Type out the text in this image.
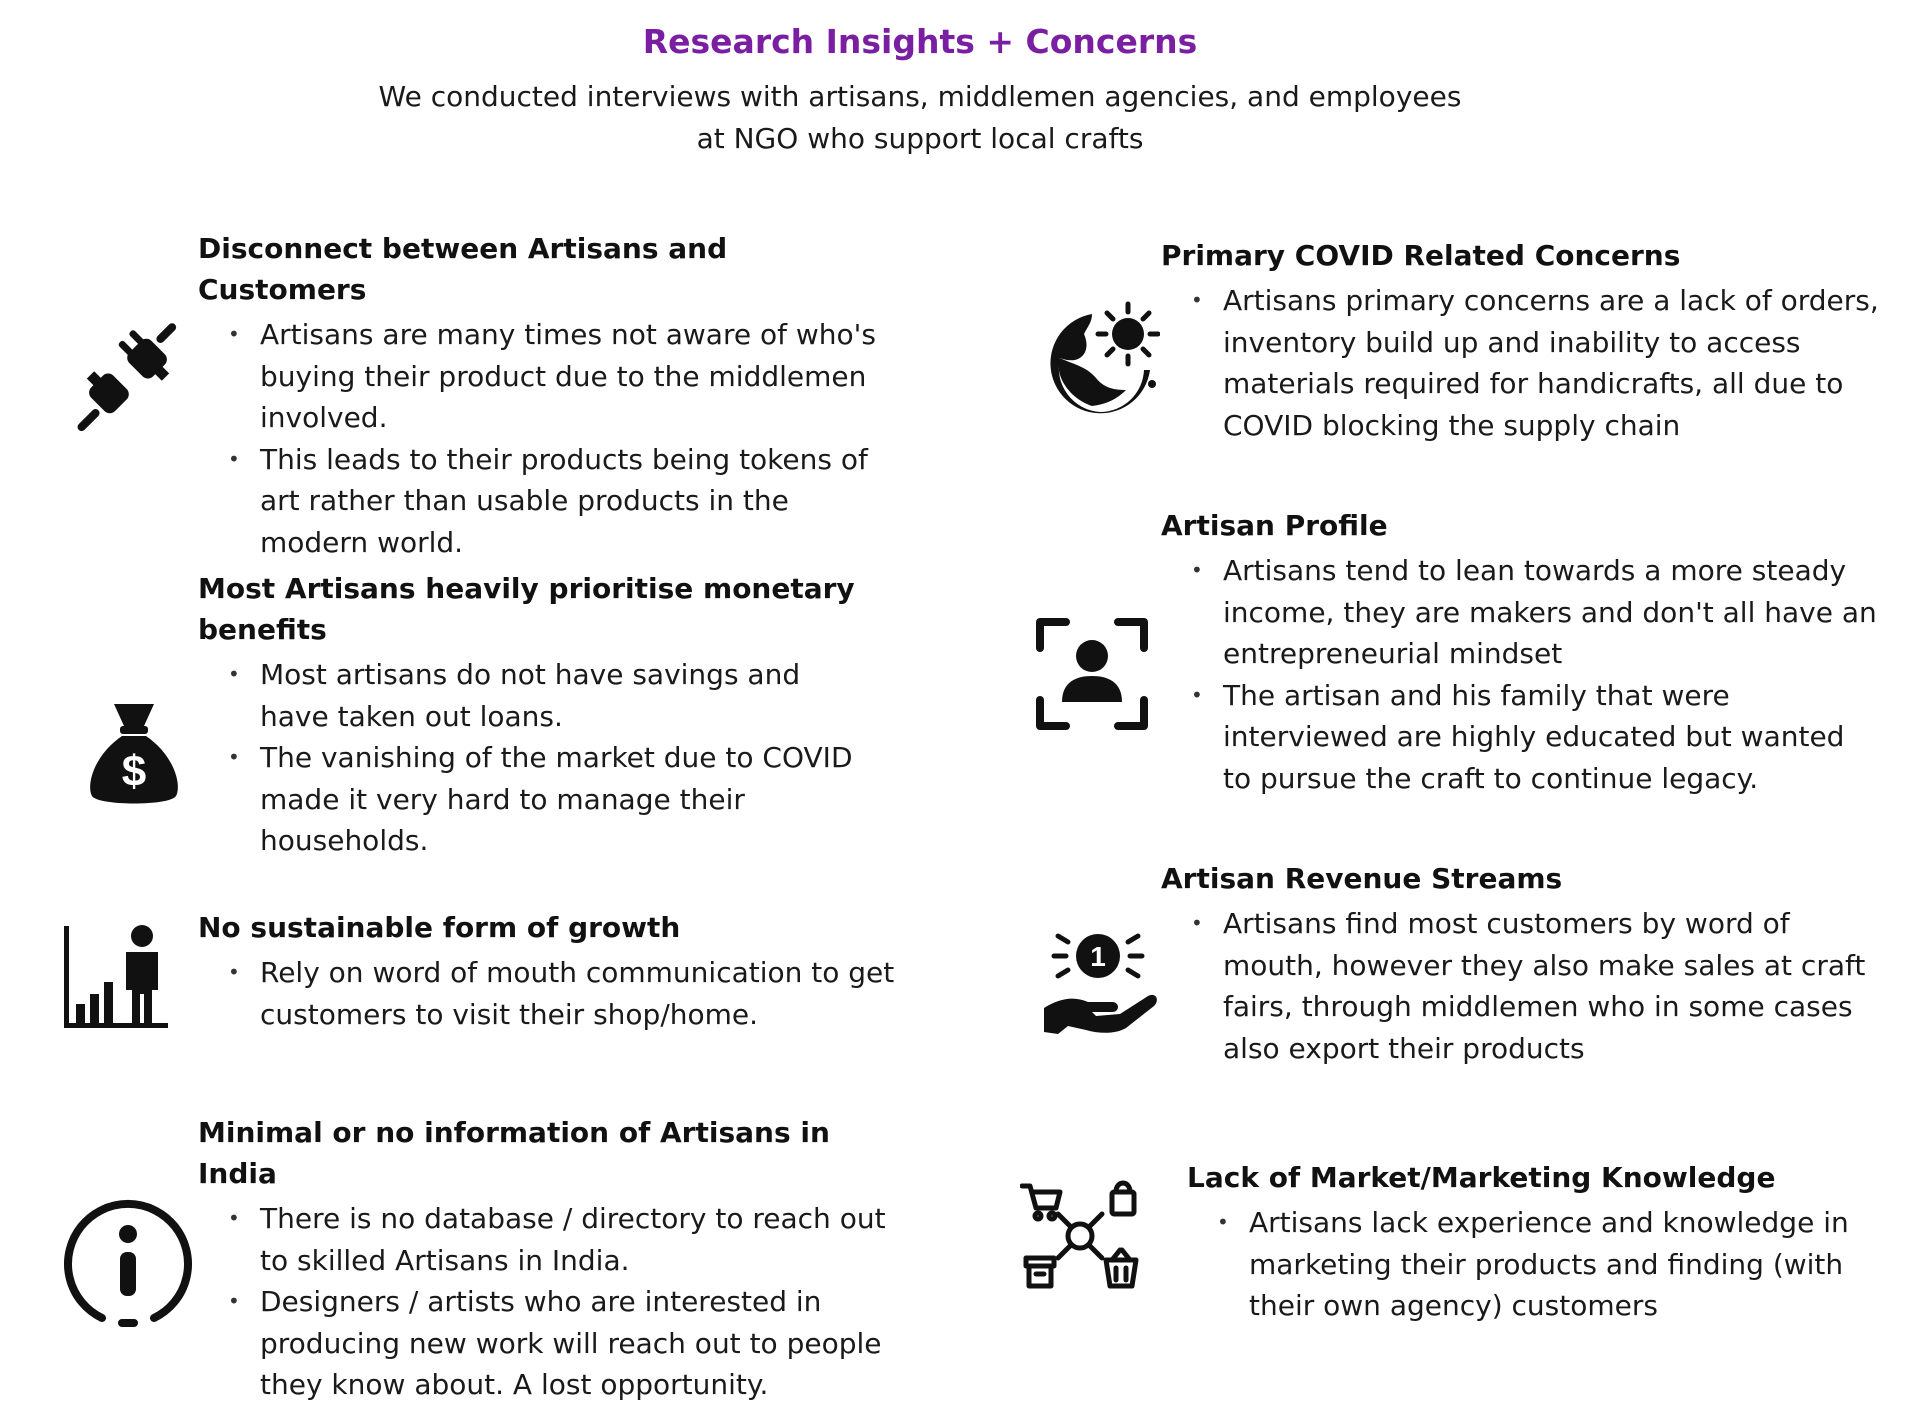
Research Insights + Concerns
We conducted interviews with artisans, middlemen agencies, and employees
at NGO who support local crafts
Disconnect between Artisans and Customers
• Artisans are many times not aware of who's buying their product due to the middlemen involved.
• This leads to their products being tokens of art rather than usable products in the modern world.
Most Artisans heavily prioritise monetary benefits
• Most artisans do not have savings and have taken out loans.
• The vanishing of the market due to COVID made it very hard to manage their households.
$
No sustainable form of growth
• Rely on word of mouth communication to get customers to visit their shop/home.
Minimal or no information of Artisans in India
• There is no database / directory to reach out to skilled Artisans in India.
• Designers / artists who are interested in producing new work will reach out to people they know about. A lost opportunity.
Primary COVID Related Concerns
• Artisans primary concerns are a lack of orders, inventory build up and inability to access materials required for handicrafts, all due to COVID blocking the supply chain
Artisan Profile
• Artisans tend to lean towards a more steady income, they are makers and don't all have an entrepreneurial mindset
• The artisan and his family that were interviewed are highly educated but wanted to pursue the craft to continue legacy.
Artisan Revenue Streams
• Artisans find most customers by word of mouth, however they also make sales at craft fairs, through middlemen who in some cases also export their products
1
Lack of Market/Marketing Knowledge
• Artisans lack experience and knowledge in marketing their products and finding (with their own agency) customers
